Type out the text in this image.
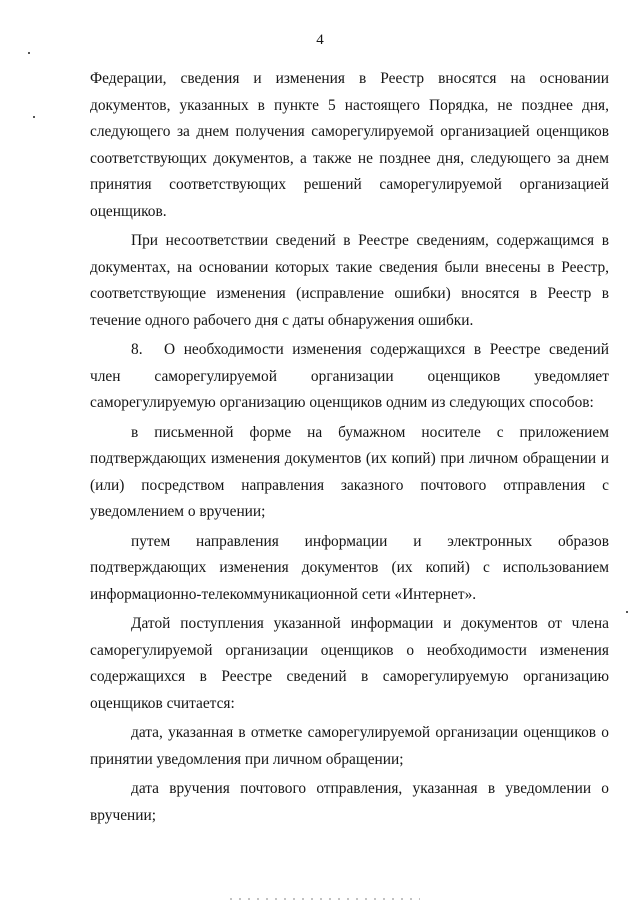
4

Федерации, сведения и изменения в Реестр вносятся на основании документов, указанных в пункте 5 настоящего Порядка, не позднее дня, следующего за днем получения саморегулируемой организацией оценщиков соответствующих документов, а также не позднее дня, следующего за днем принятия соответствующих решений саморегулируемой организацией оценщиков.

При несоответствии сведений в Реестре сведениям, содержащимся в документах, на основании которых такие сведения были внесены в Реестр, соответствующие изменения (исправление ошибки) вносятся в Реестр в течение одного рабочего дня с даты обнаружения ошибки.

8. О необходимости изменения содержащихся в Реестре сведений член саморегулируемой организации оценщиков уведомляет саморегулируемую организацию оценщиков одним из следующих способов:

в письменной форме на бумажном носителе с приложением подтверждающих изменения документов (их копий) при личном обращении и (или) посредством направления заказного почтового отправления с уведомлением о вручении;

путем направления информации и электронных образов подтверждающих изменения документов (их копий) с использованием информационно-телекоммуникационной сети «Интернет».

Датой поступления указанной информации и документов от члена саморегулируемой организации оценщиков о необходимости изменения содержащихся в Реестре сведений в саморегулируемую организацию оценщиков считается:

дата, указанная в отметке саморегулируемой организации оценщиков о принятии уведомления при личном обращении;

дата вручения почтового отправления, указанная в уведомлении о вручении;
